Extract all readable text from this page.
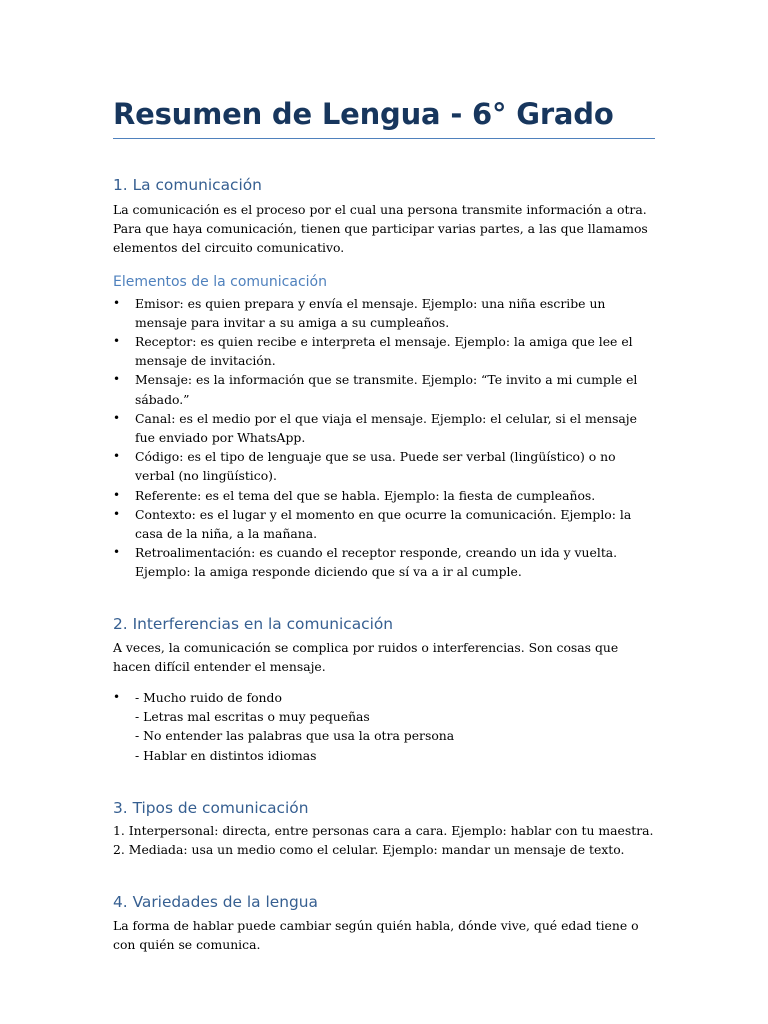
Resumen de Lengua - 6° Grado
1. La comunicación

La comunicación es el proceso por el cual una persona transmite información a otra. Para que haya comunicación, tienen que participar varias partes, a las que llamamos elementos del circuito comunicativo.

Elementos de la comunicación
• Emisor: es quien prepara y envía el mensaje. Ejemplo: una niña escribe un mensaje para invitar a su amiga a su cumpleaños.
• Receptor: es quien recibe e interpreta el mensaje. Ejemplo: la amiga que lee el mensaje de invitación.
• Mensaje: es la información que se transmite. Ejemplo: “Te invito a mi cumple el sábado.”
• Canal: es el medio por el que viaja el mensaje. Ejemplo: el celular, si el mensaje fue enviado por WhatsApp.
• Código: es el tipo de lenguaje que se usa. Puede ser verbal (lingüístico) o no verbal (no lingüístico).
• Referente: es el tema del que se habla. Ejemplo: la fiesta de cumpleaños.
• Contexto: es el lugar y el momento en que ocurre la comunicación. Ejemplo: la casa de la niña, a la mañana.
• Retroalimentación: es cuando el receptor responde, creando un ida y vuelta. Ejemplo: la amiga responde diciendo que sí va a ir al cumple.
2. Interferencias en la comunicación

A veces, la comunicación se complica por ruidos o interferencias. Son cosas que hacen difícil entender el mensaje.

• - Mucho ruido de fondo
- Letras mal escritas o muy pequeñas
- No entender las palabras que usa la otra persona
- Hablar en distintos idiomas
3. Tipos de comunicación

1. Interpersonal: directa, entre personas cara a cara. Ejemplo: hablar con tu maestra.

2. Mediada: usa un medio como el celular. Ejemplo: mandar un mensaje de texto.

4. Variedades de la lengua

La forma de hablar puede cambiar según quién habla, dónde vive, qué edad tiene o con quién se comunica.
